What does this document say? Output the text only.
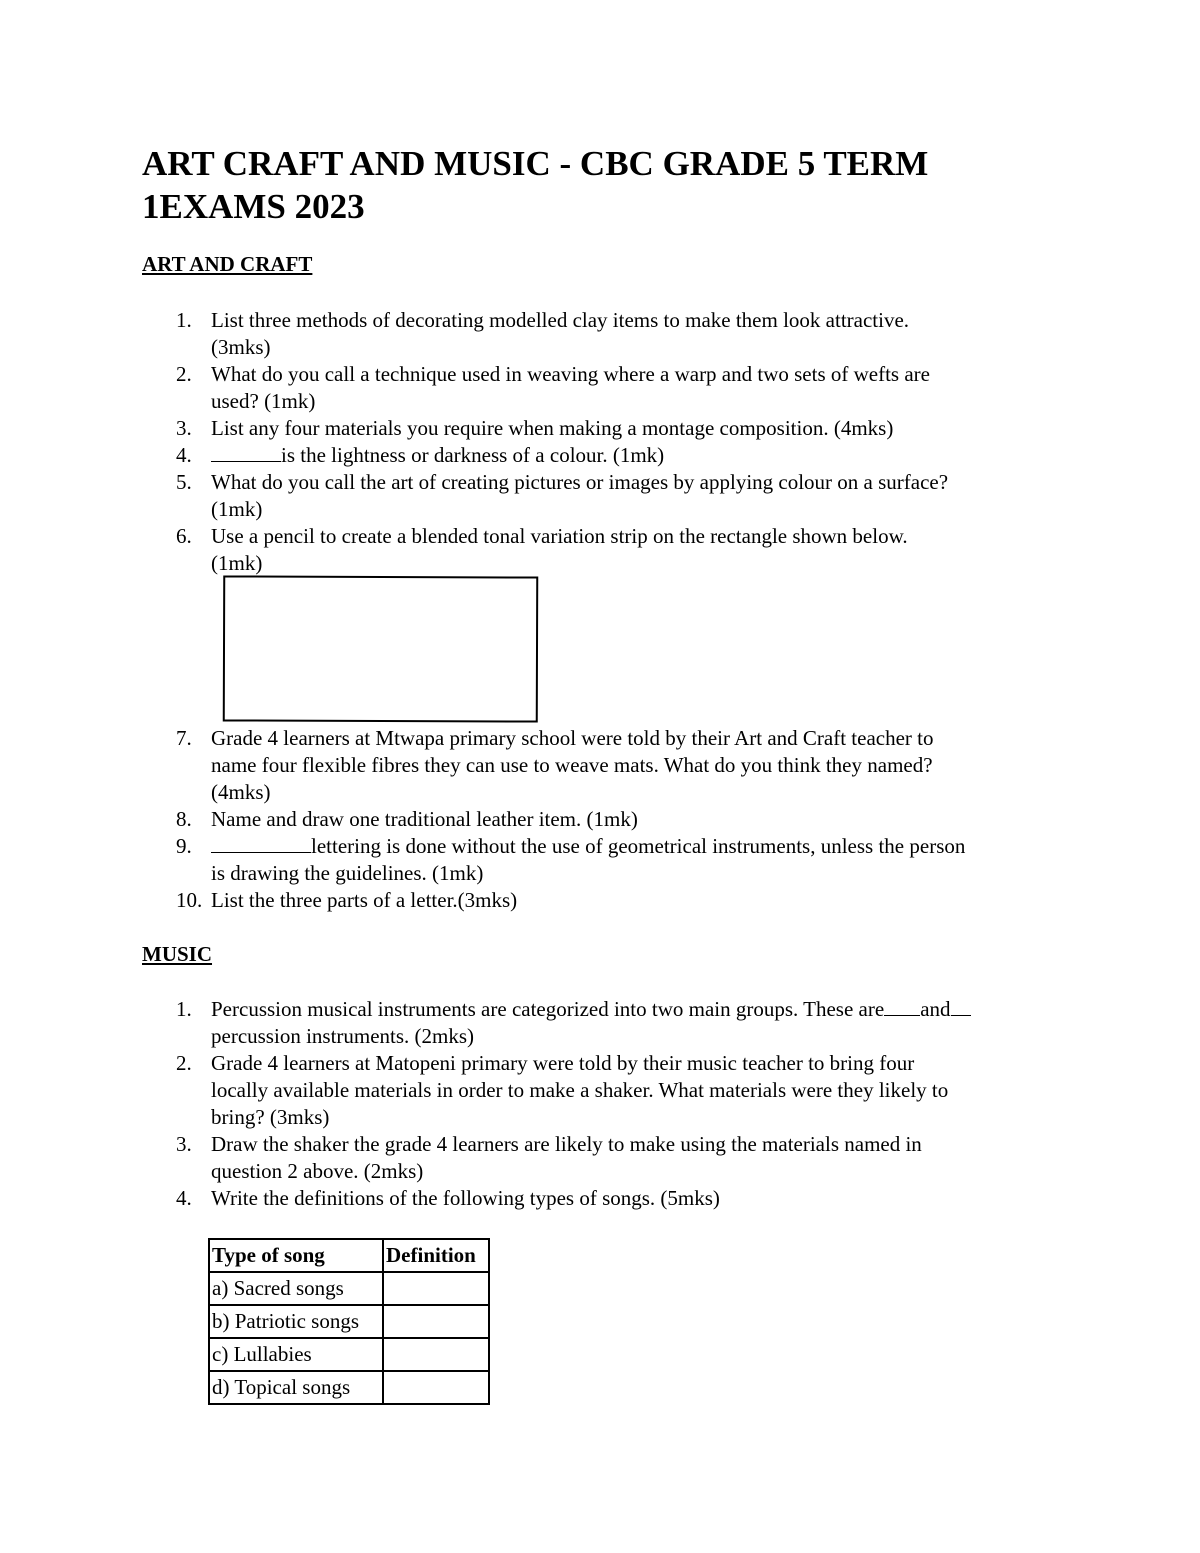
ART CRAFT AND MUSIC - CBC GRADE 5 TERM
1EXAMS 2023
ART AND CRAFT
1. List three methods of decorating modelled clay items to make them look attractive.
(3mks)
2. What do you call a technique used in weaving where a warp and two sets of wefts are
used? (1mk)
3. List any four materials you require when making a montage composition. (4mks)
4.	is the lightness or darkness of a colour. (1mk)
5. What do you call the art of creating pictures or images by applying colour on a surface?
(1mk)
6. Use a pencil to create a blended tonal variation strip on the rectangle shown below.
(1mk)
7. Grade 4 learners at Mtwapa primary school were told by their Art and Craft teacher to
name four flexible fibres they can use to weave mats. What do you think they named?
(4mks)
8. Name and draw one traditional leather item. (1mk)
9.	lettering is done without the use of geometrical instruments, unless the person
is drawing the guidelines. (1mk)
10. List the three parts of a letter.(3mks)
MUSIC
1. Percussion musical instruments are categorized into two main groups. These are and
percussion instruments. (2mks)
2. Grade 4 learners at Matopeni primary were told by their music teacher to bring four
locally available materials in order to make a shaker. What materials were they likely to
bring? (3mks)
3. Draw the shaker the grade 4 learners are likely to make using the materials named in
question 2 above. (2mks)
4. Write the definitions of the following types of songs. (5mks)
Type of song	Definition
a) Sacred songs	
b) Patriotic songs	
c) Lullabies	
d) Topical songs	
